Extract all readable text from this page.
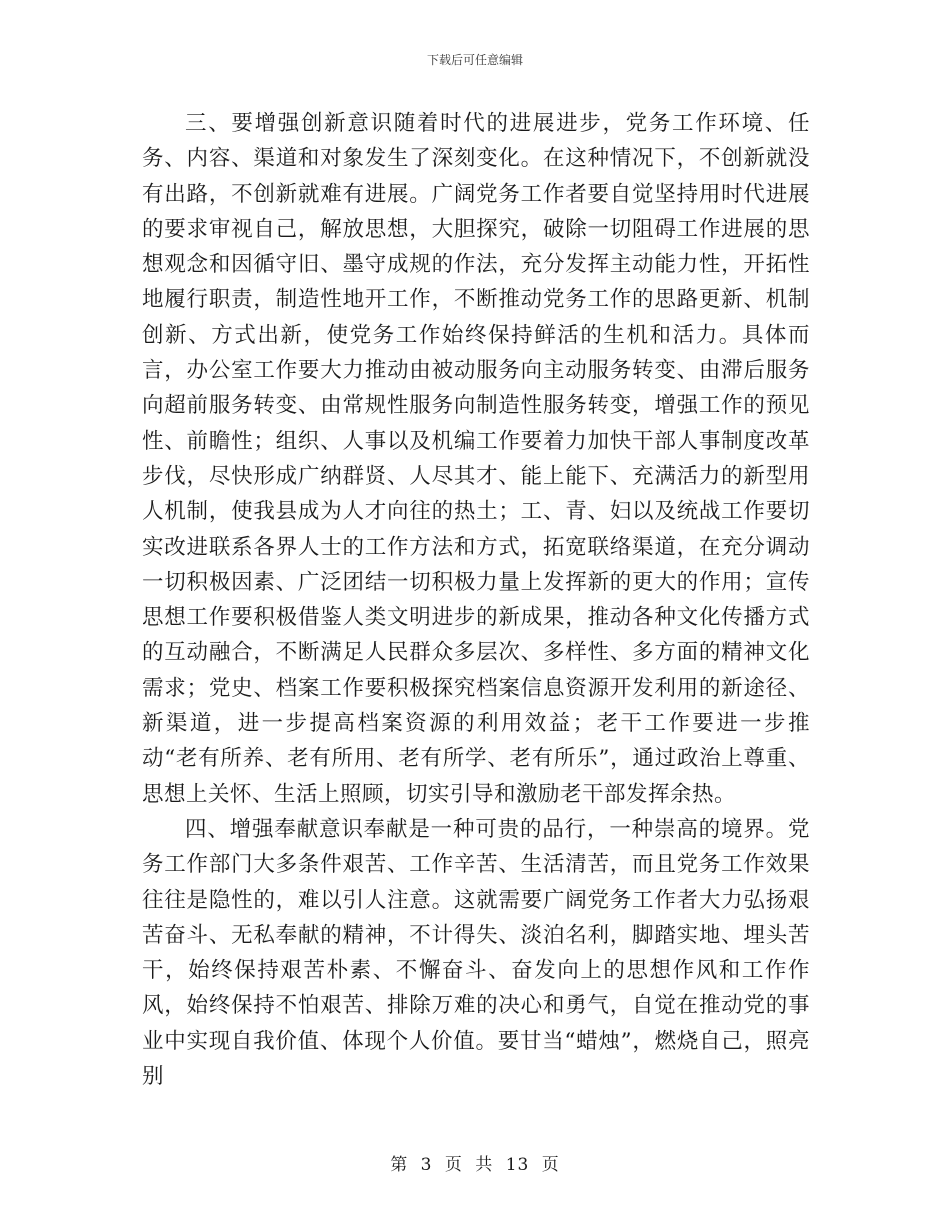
下载后可任意编辑

三、要增强创新意识随着时代的进展进步，党务工作环境、任务、内容、渠道和对象发生了深刻变化。在这种情况下，不创新就没有出路，不创新就难有进展。广阔党务工作者要自觉坚持用时代进展的要求审视自己，解放思想，大胆探究，破除一切阻碍工作进展的思想观念和因循守旧、墨守成规的作法，充分发挥主动能力性，开拓性地履行职责，制造性地开工作，不断推动党务工作的思路更新、机制创新、方式出新，使党务工作始终保持鲜活的生机和活力。具体而言，办公室工作要大力推动由被动服务向主动服务转变、由滞后服务向超前服务转变、由常规性服务向制造性服务转变，增强工作的预见性、前瞻性；组织、人事以及机编工作要着力加快干部人事制度改革步伐，尽快形成广纳群贤、人尽其才、能上能下、充满活力的新型用人机制，使我县成为人才向往的热土；工、青、妇以及统战工作要切实改进联系各界人士的工作方法和方式，拓宽联络渠道，在充分调动一切积极因素、广泛团结一切积极力量上发挥新的更大的作用；宣传思想工作要积极借鉴人类文明进步的新成果，推动各种文化传播方式的互动融合，不断满足人民群众多层次、多样性、多方面的精神文化需求；党史、档案工作要积极探究档案信息资源开发利用的新途径、新渠道，进一步提高档案资源的利用效益；老干工作要进一步推动“老有所养、老有所用、老有所学、老有所乐”，通过政治上尊重、思想上关怀、生活上照顾，切实引导和激励老干部发挥余热。

四、增强奉献意识奉献是一种可贵的品行，一种崇高的境界。党务工作部门大多条件艰苦、工作辛苦、生活清苦，而且党务工作效果往往是隐性的，难以引人注意。这就需要广阔党务工作者大力弘扬艰苦奋斗、无私奉献的精神，不计得失、淡泊名利，脚踏实地、埋头苦干，始终保持艰苦朴素、不懈奋斗、奋发向上的思想作风和工作作风，始终保持不怕艰苦、排除万难的决心和勇气，自觉在推动党的事业中实现自我价值、体现个人价值。要甘当“蜡烛”，燃烧自己，照亮别

第 3 页 共 13 页
